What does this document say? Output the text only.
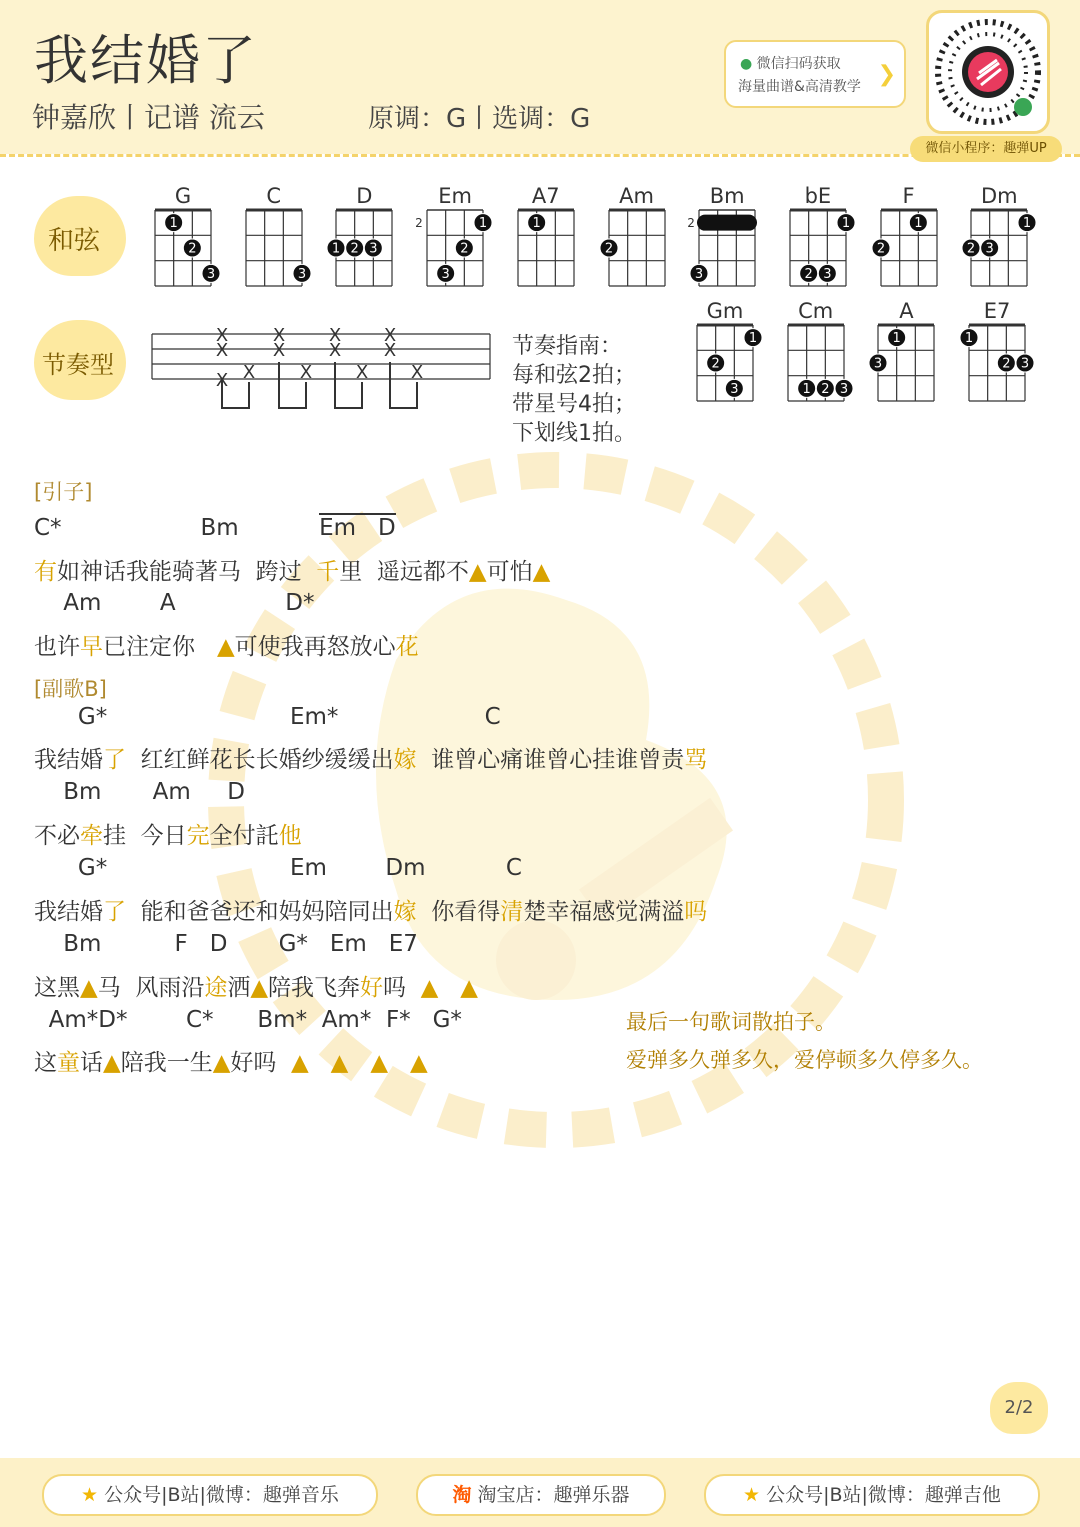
我结婚了
钟嘉欣丨记谱 流云	原调：G丨选调：G
● 微信扫码获取
海量曲谱&高清教学 ❯
微信小程序：趣弹UP
和弦
节奏型
G
1
2
3
C
3
D
1 2 3
Em
2	1
2
3
A7
1
Am
2
Bm
2
3
bE
1
2 3
F
1
2
Dm
1
2 3
Gm
1
2
3
Cm
1 2 3
A
1
3
E7
1
2 3
X
X
X X
X
X
X
X
X
X
X
X
X
节奏指南：
每和弦2拍；
带星号4拍；
下划线1拍。
[引子]
C*                   Bm           Em   D
有如神话我能骑著马  跨过  千里  遥远都不▲可怕▲
Am        A               D*
也许早已注定你   ▲可使我再怒放心花
[副歌B]
G*                         Em*                    C
我结婚了  红红鲜花长长婚纱缓缓出嫁  谁曾心痛谁曾心挂谁曾责骂
Bm       Am     D
不必牵挂  今日完全付託他
G*                         Em        Dm           C
我结婚了  能和爸爸还和妈妈陪同出嫁  你看得清楚幸福感觉满溢吗
Bm          F   D       G*   Em   E7
这黑▲马  风雨沿途洒▲陪我飞奔好吗  ▲ ▲
Am*D*        C*      Bm*  Am*  F*   G*
这童话▲陪我一生▲好吗  ▲ ▲ ▲ ▲
最后一句歌词散拍子。
爱弹多久弹多久，爱停顿多久停多久。
2/2
★ 公众号|B站|微博：趣弹音乐	淘 淘宝店：趣弹乐器	★ 公众号|B站|微博：趣弹吉他
